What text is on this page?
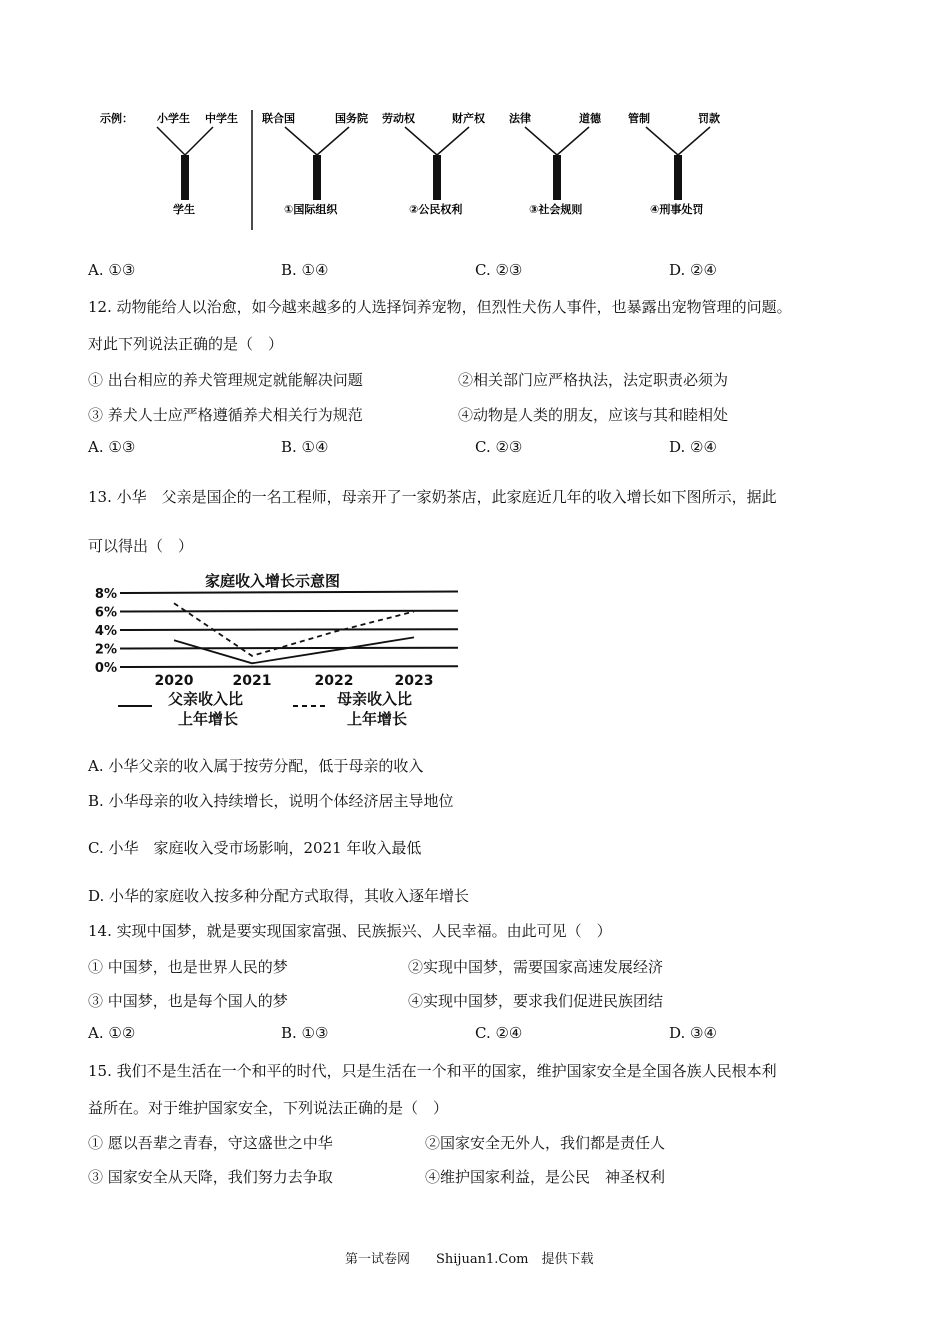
示例： 小学生 中学生
学生
联合国	国务院
①国际组织
劳动权	财产权
②公民权利
法律	道德
③社会规则
管制	罚款
④刑事处罚
A. ①③	B. ①④	C. ②③	D. ②④
12. 动物能给人以治愈，如今越来越多的人选择饲养宠物，但烈性犬伤人事件，也暴露出宠物管理的问题。
对此下列说法正确的是（　）
① 出台相应的养犬管理规定就能解决问题	②相关部门应严格执法，法定职责必须为
③ 养犬人士应严格遵循养犬相关行为规范	④动物是人类的朋友，应该与其和睦相处
A. ①③	B. ①④	C. ②③	D. ②④
13. 小华　父亲是国企的一名工程师，母亲开了一家奶茶店，此家庭近几年的收入增长如下图所示，据此
可以得出（　）
家庭收入增长示意图
0%
2%
4%
6%
8%
2020	2021	2022	2023
父亲收入比
上年增长
母亲收入比
上年增长
A. 小华父亲的收入属于按劳分配，低于母亲的收入
B. 小华母亲的收入持续增长，说明个体经济居主导地位
C. 小华　家庭收入受市场影响，2021 年收入最低
D. 小华的家庭收入按多种分配方式取得，其收入逐年增长
14. 实现中国梦，就是要实现国家富强、民族振兴、人民幸福。由此可见（　）
① 中国梦，也是世界人民的梦	②实现中国梦，需要国家高速发展经济
③ 中国梦，也是每个国人的梦	④实现中国梦，要求我们促进民族团结
A. ①②	B. ①③	C. ②④	D. ③④
15. 我们不是生活在一个和平的时代，只是生活在一个和平的国家，维护国家安全是全国各族人民根本利
益所在。对于维护国家安全，下列说法正确的是（　）
① 愿以吾辈之青春，守这盛世之中华	②国家安全无外人，我们都是责任人
③ 国家安全从天降，我们努力去争取	④维护国家利益，是公民　神圣权利
第一试卷网　　Shijuan1.Com　提供下载
